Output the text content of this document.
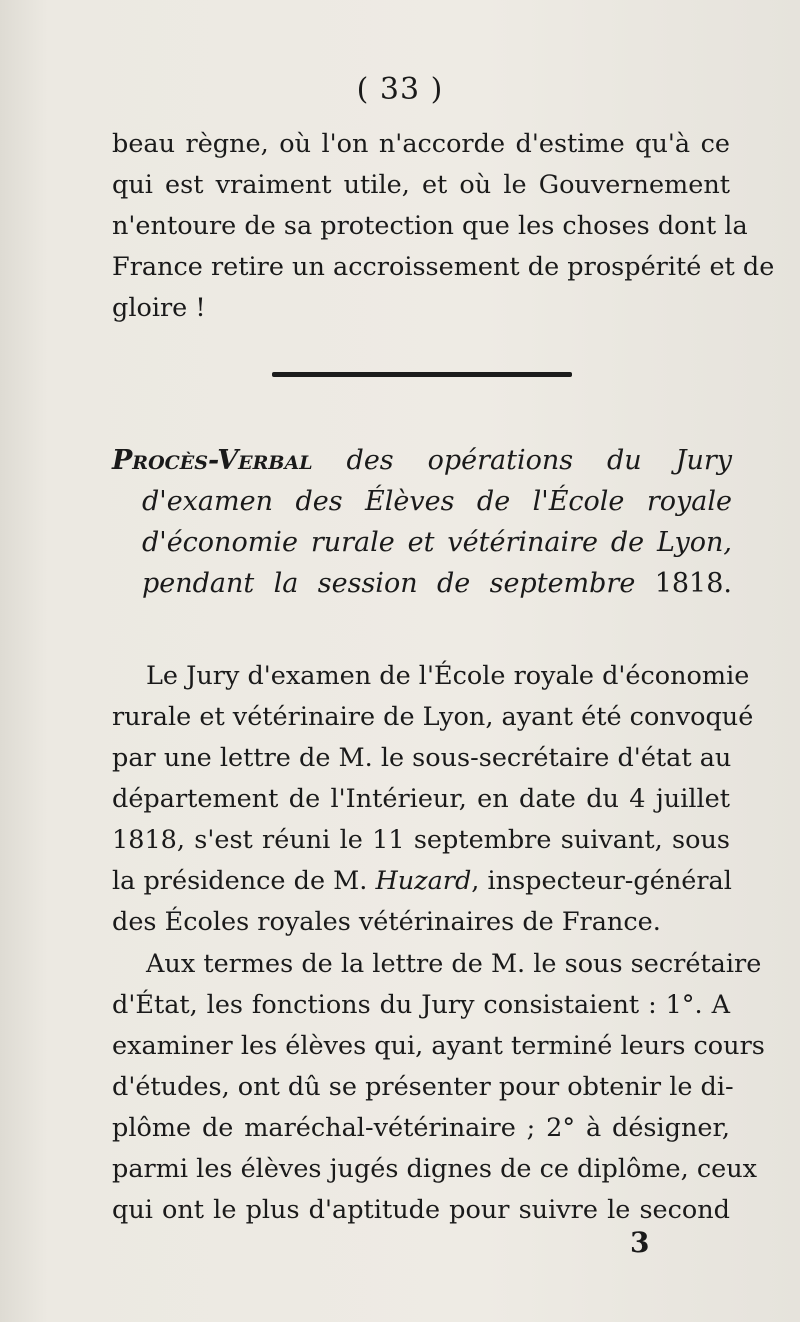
( 33 )
beau règne, où l'on n'accorde d'estime qu'à ce
qui est vraiment utile, et où le Gouvernement
n'entoure de sa protection que les choses dont la
France retire un accroissement de prospérité et de
gloire !
Procès-Verbal des opérations du Jury
d'examen des Élèves de l'École royale
d'économie rurale et vétérinaire de Lyon,
pendant la session de septembre 1818.
Le Jury d'examen de l'École royale d'économie
rurale et vétérinaire de Lyon, ayant été convoqué
par une lettre de M. le sous-secrétaire d'état au
département de l'Intérieur, en date du 4 juillet
1818, s'est réuni le 11 septembre suivant, sous
la présidence de M. Huzard, inspecteur-général
des Écoles royales vétérinaires de France.
Aux termes de la lettre de M. le sous secrétaire
d'État, les fonctions du Jury consistaient : 1°. A
examiner les élèves qui, ayant terminé leurs cours
d'études, ont dû se présenter pour obtenir le di-
plôme de maréchal-vétérinaire ; 2° à désigner,
parmi les élèves jugés dignes de ce diplôme, ceux
qui ont le plus d'aptitude pour suivre le second
3
